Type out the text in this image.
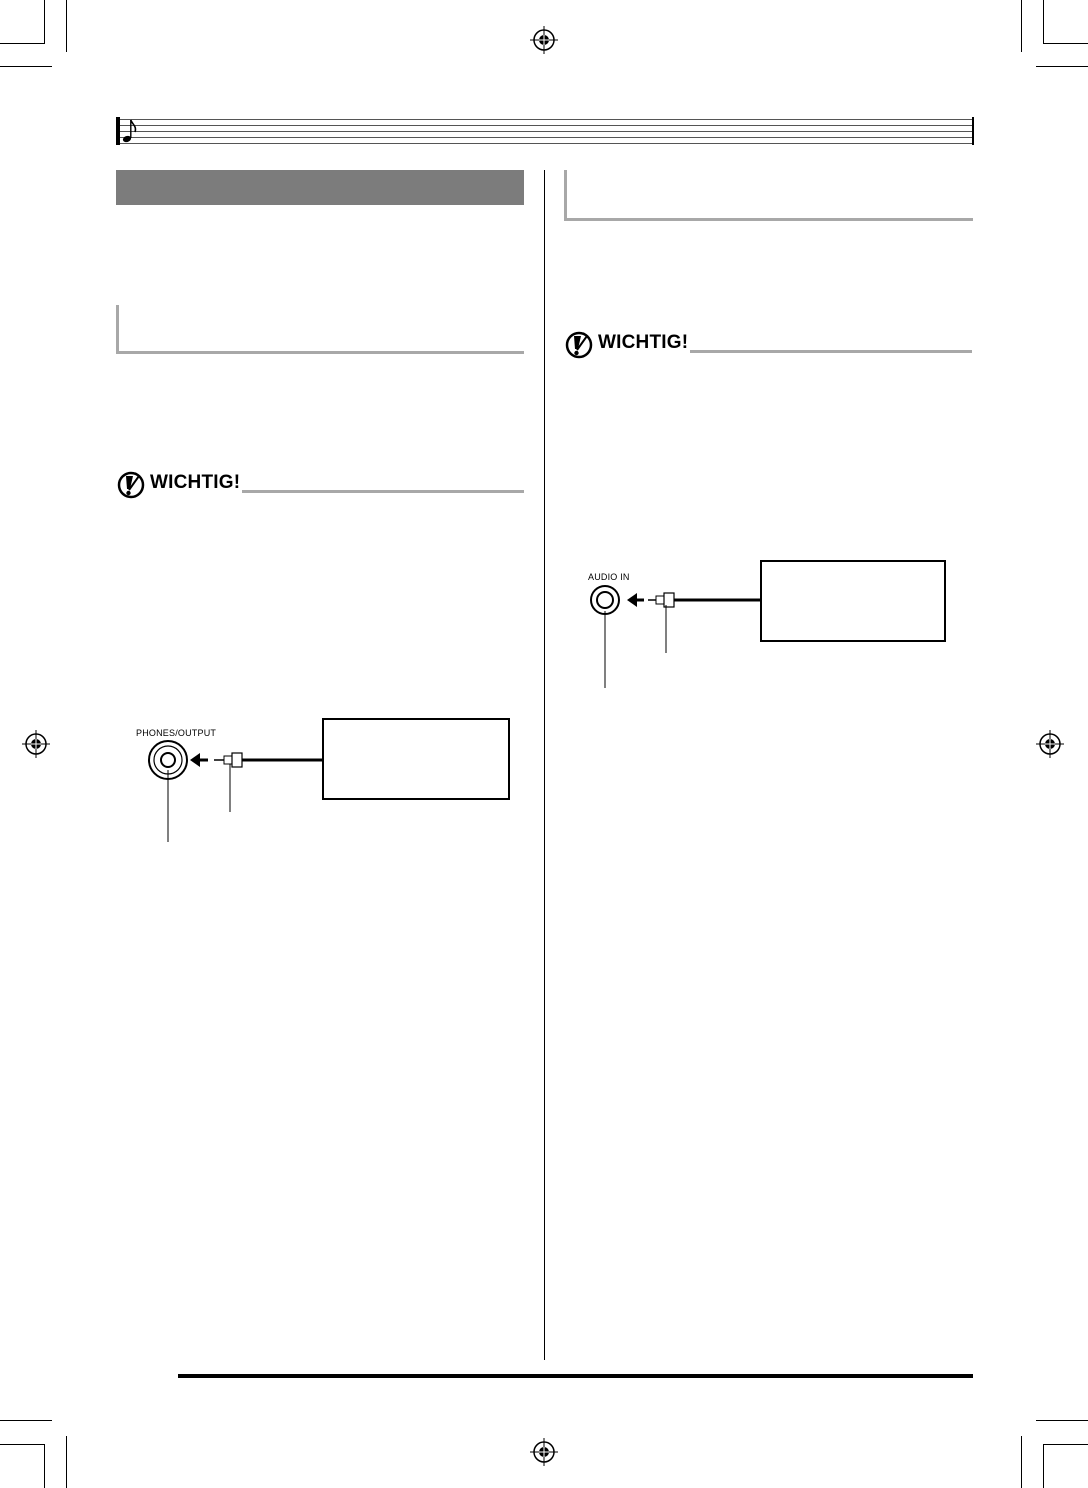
WICHTIG!
PHONES/OUTPUT
WICHTIG!
AUDIO IN
